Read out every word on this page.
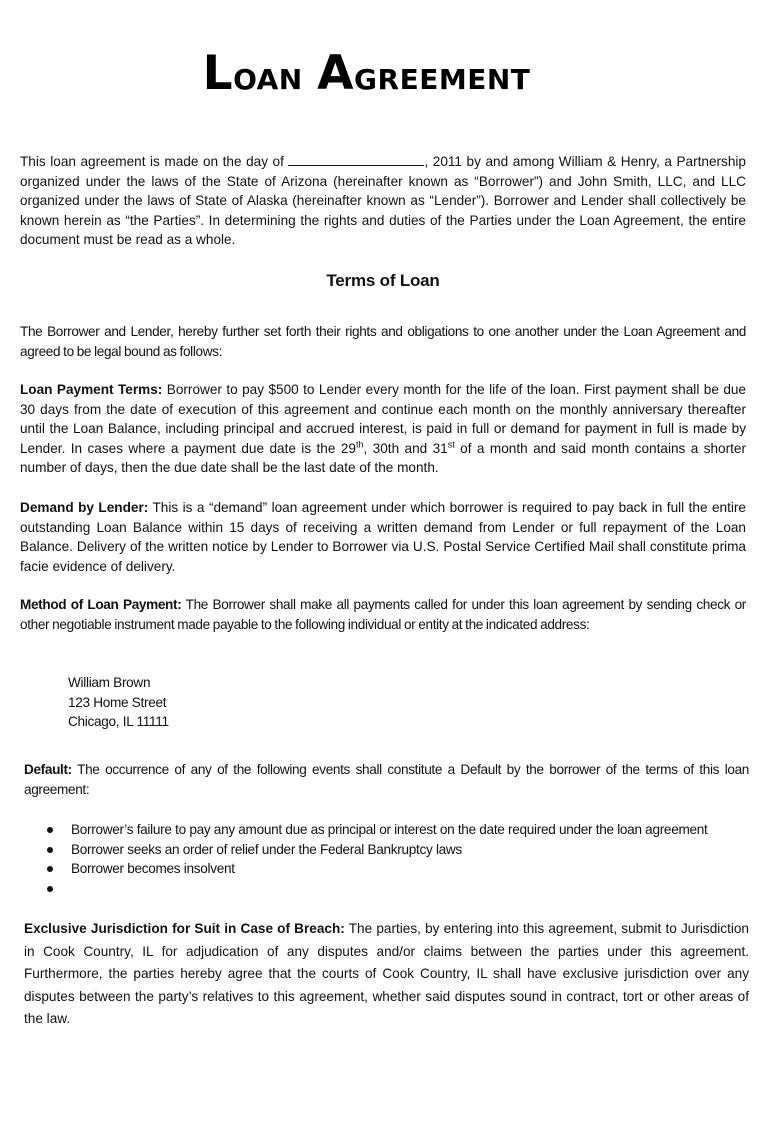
Loan Agreement
This loan agreement is made on the day of	, 2011 by and among William & Henry, a Partnership organized under the laws of the State of Arizona (hereinafter known as “Borrower”) and John Smith, LLC, and LLC organized under the laws of State of Alaska (hereinafter known as “Lender”). Borrower and Lender shall collectively be known herein as “the Parties”. In determining the rights and duties of the Parties under the Loan Agreement, the entire document must be read as a whole.
Terms of Loan
The Borrower and Lender, hereby further set forth their rights and obligations to one another under the Loan Agreement and agreed to be legal bound as follows:
Loan Payment Terms: Borrower to pay $500 to Lender every month for the life of the loan. First payment shall be due 30 days from the date of execution of this agreement and continue each month on the monthly anniversary thereafter until the Loan Balance, including principal and accrued interest, is paid in full or demand for payment in full is made by Lender. In cases where a payment due date is the 29th, 30th and 31st of a month and said month contains a shorter number of days, then the due date shall be the last date of the month.
Demand by Lender: This is a “demand” loan agreement under which borrower is required to pay back in full the entire outstanding Loan Balance within 15 days of receiving a written demand from Lender or full repayment of the Loan Balance. Delivery of the written notice by Lender to Borrower via U.S. Postal Service Certified Mail shall constitute prima facie evidence of delivery.
Method of Loan Payment: The Borrower shall make all payments called for under this loan agreement by sending check or other negotiable instrument made payable to the following individual or entity at the indicated address:
William Brown
123 Home Street
Chicago, IL 11111
Default: The occurrence of any of the following events shall constitute a Default by the borrower of the terms of this loan agreement:
Borrower’s failure to pay any amount due as principal or interest on the date required under the loan agreement
Borrower seeks an order of relief under the Federal Bankruptcy laws
Borrower becomes insolvent
Exclusive Jurisdiction for Suit in Case of Breach: The parties, by entering into this agreement, submit to Jurisdiction in Cook Country, IL for adjudication of any disputes and/or claims between the parties under this agreement. Furthermore, the parties hereby agree that the courts of Cook Country, IL shall have exclusive jurisdiction over any disputes between the party’s relatives to this agreement, whether said disputes sound in contract, tort or other areas of the law.
